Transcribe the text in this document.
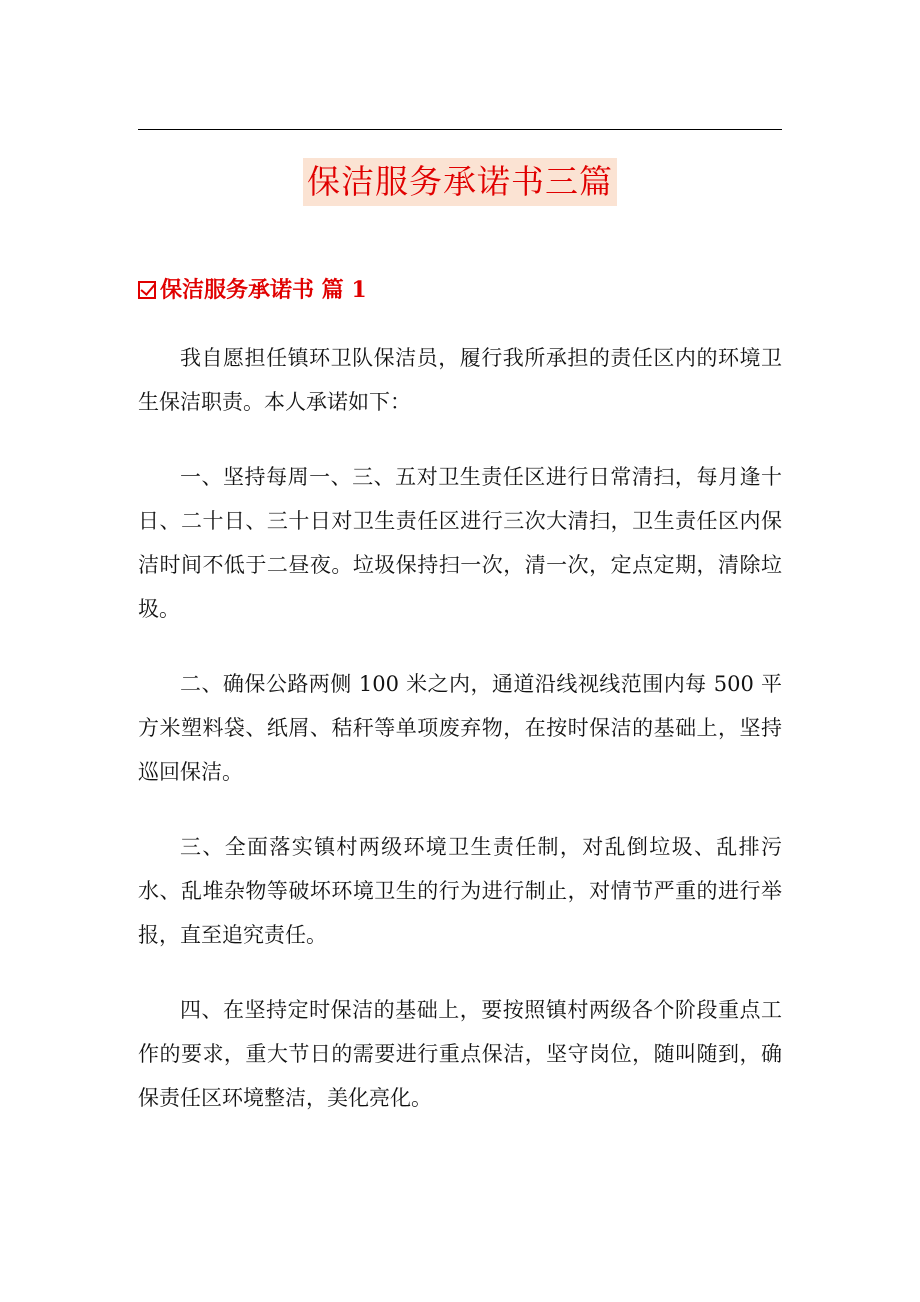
保洁服务承诺书三篇
保洁服务承诺书 篇 1

我自愿担任镇环卫队保洁员，履行我所承担的责任区内的环境卫生保洁职责。本人承诺如下：

一、坚持每周一、三、五对卫生责任区进行日常清扫，每月逢十日、二十日、三十日对卫生责任区进行三次大清扫，卫生责任区内保洁时间不低于二昼夜。垃圾保持扫一次，清一次，定点定期，清除垃圾。

二、确保公路两侧 100 米之内，通道沿线视线范围内每 500 平方米塑料袋、纸屑、秸秆等单项废弃物，在按时保洁的基础上，坚持巡回保洁。

三、全面落实镇村两级环境卫生责任制，对乱倒垃圾、乱排污水、乱堆杂物等破坏环境卫生的行为进行制止，对情节严重的进行举报，直至追究责任。

四、在坚持定时保洁的基础上，要按照镇村两级各个阶段重点工作的要求，重大节日的需要进行重点保洁，坚守岗位，随叫随到，确保责任区环境整洁，美化亮化。
